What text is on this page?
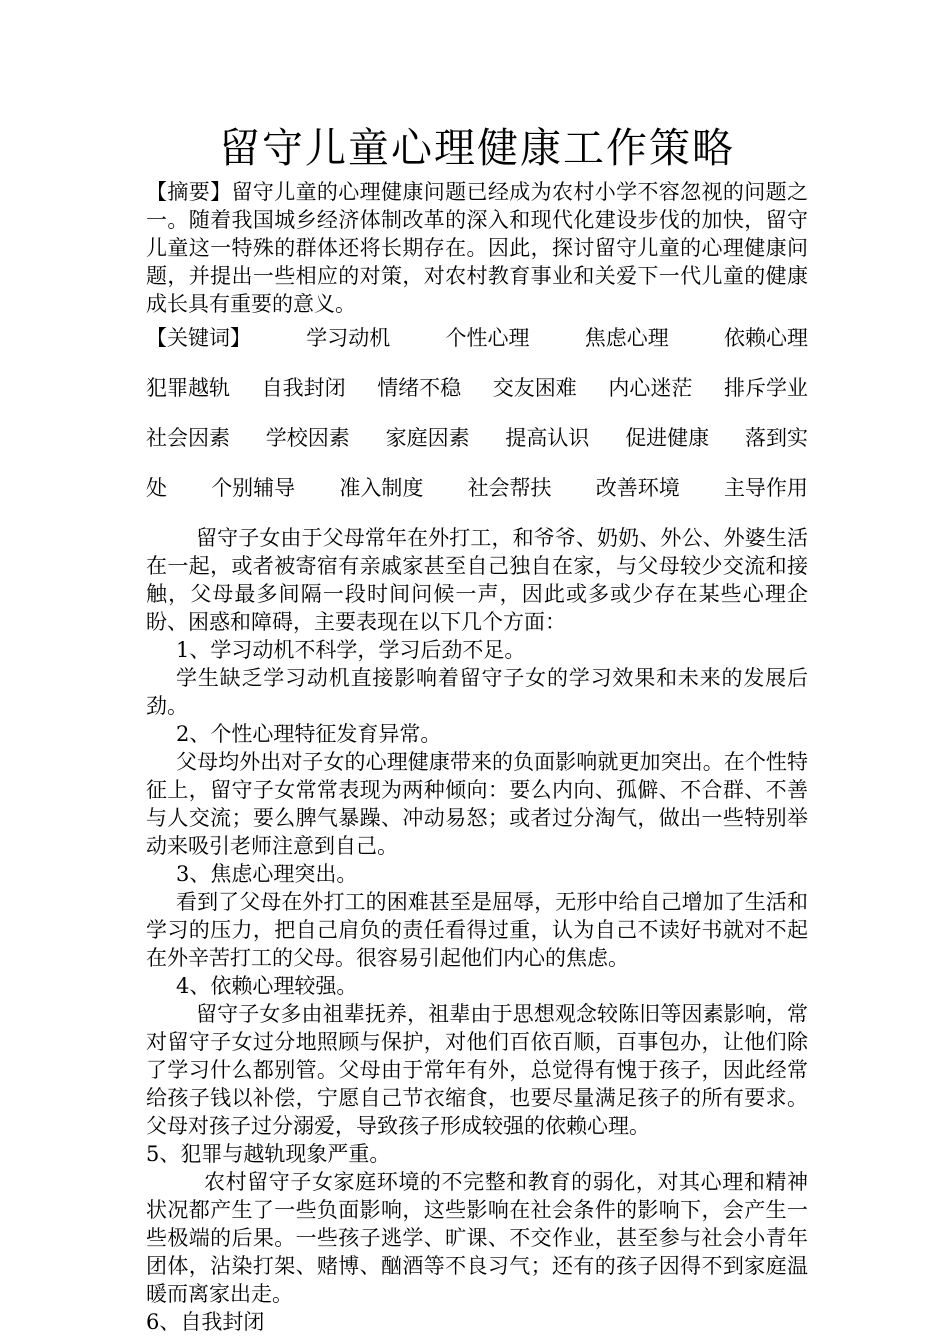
留守儿童心理健康工作策略

【摘要】留守儿童的心理健康问题已经成为农村小学不容忽视的问题之一。随着我国城乡经济体制改革的深入和现代化建设步伐的加快，留守儿童这一特殊的群体还将长期存在。因此，探讨留守儿童的心理健康问题，并提出一些相应的对策，对农村教育事业和关爱下一代儿童的健康成长具有重要的意义。

【关键词】	学习动机	个性心理	焦虑心理	依赖心理
犯罪越轨 自我封闭 情绪不稳 交友困难 内心迷茫 排斥学业
社会因素 学校因素 家庭因素 提高认识 促进健康 落到实
处 个别辅导 准入制度 社会帮扶 改善环境 主导作用

留守子女由于父母常年在外打工，和爷爷、奶奶、外公、外婆生活在一起，或者被寄宿有亲戚家甚至自己独自在家，与父母较少交流和接触，父母最多间隔一段时间问候一声，因此或多或少存在某些心理企盼、困惑和障碍，主要表现在以下几个方面：

1、学习动机不科学，学习后劲不足。

学生缺乏学习动机直接影响着留守子女的学习效果和未来的发展后劲。

2、个性心理特征发育异常。

父母均外出对子女的心理健康带来的负面影响就更加突出。在个性特征上，留守子女常常表现为两种倾向：要么内向、孤僻、不合群、不善与人交流；要么脾气暴躁、冲动易怒；或者过分淘气，做出一些特别举动来吸引老师注意到自己。

3、焦虑心理突出。

看到了父母在外打工的困难甚至是屈辱，无形中给自己增加了生活和学习的压力，把自己肩负的责任看得过重，认为自己不读好书就对不起在外辛苦打工的父母。很容易引起他们内心的焦虑。

4、依赖心理较强。

留守子女多由祖辈抚养，祖辈由于思想观念较陈旧等因素影响，常对留守子女过分地照顾与保护，对他们百依百顺，百事包办，让他们除了学习什么都别管。父母由于常年有外，总觉得有愧于孩子，因此经常给孩子钱以补偿，宁愿自己节衣缩食，也要尽量满足孩子的所有要求。父母对孩子过分溺爱，导致孩子形成较强的依赖心理。

5、犯罪与越轨现象严重。

农村留守子女家庭环境的不完整和教育的弱化，对其心理和精神状况都产生了一些负面影响，这些影响在社会条件的影响下，会产生一些极端的后果。一些孩子逃学、旷课、不交作业，甚至参与社会小青年团体，沾染打架、赌博、酗酒等不良习气；还有的孩子因得不到家庭温暖而离家出走。

6、自我封闭
